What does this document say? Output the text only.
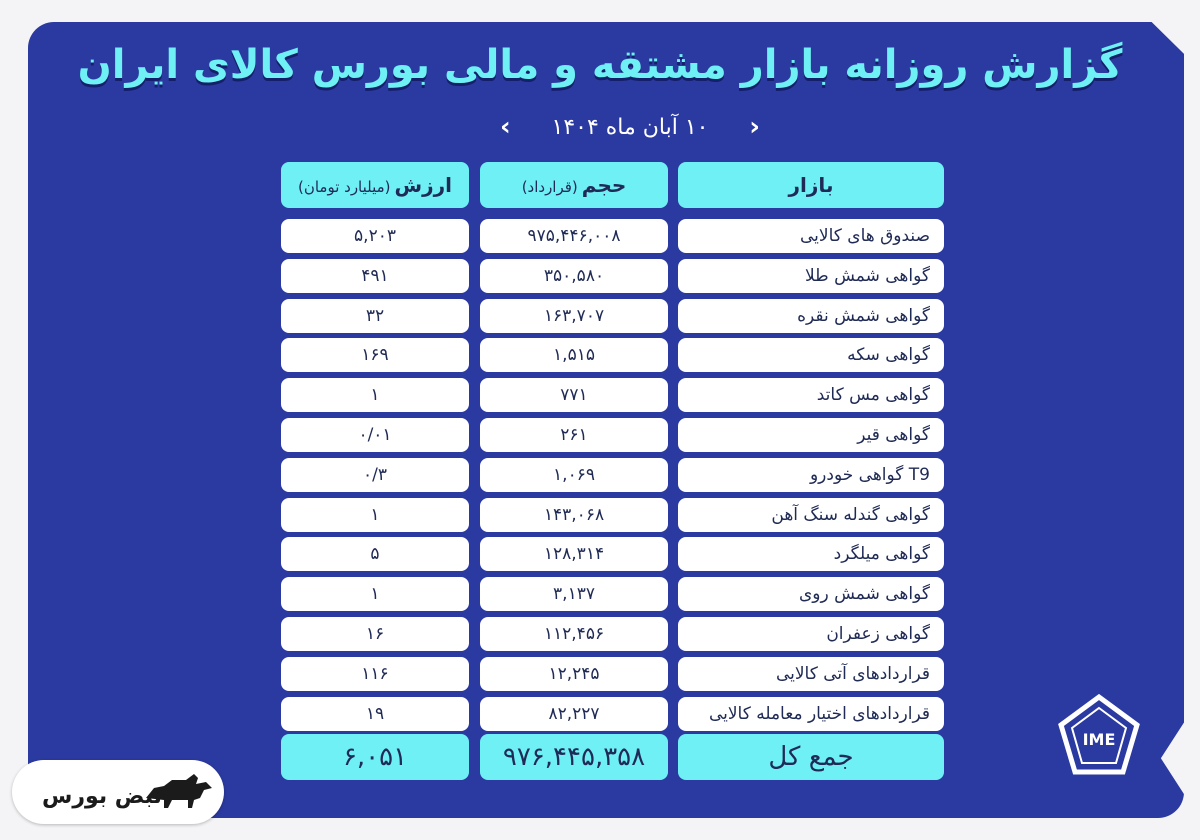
گزارش روزانه بازار مشتقه و مالی بورس کالای ایران
‹ ۱۰ آبان ماه ۱۴۰۴ ›
بازار
حجم(قرارداد)
ارزش(میلیارد تومان)
صندوق های کالایی
۹۷۵,۴۴۶,۰۰۸
۵,۲۰۳
گواهی شمش طلا
۳۵۰,۵۸۰
۴۹۱
گواهی شمش نقره
۱۶۳,۷۰۷
۳۲
گواهی سکه
۱,۵۱۵
۱۶۹
گواهی مس کاتد
۷۷۱
۱
گواهی قیر
۲۶۱
۰/۰۱
T9 گواهی خودرو
۱,۰۶۹
۰/۳
گواهی گندله سنگ آهن
۱۴۳,۰۶۸
۱
گواهی میلگرد
۱۲۸,۳۱۴
۵
گواهی شمش روی
۳,۱۳۷
۱
گواهی زعفران
۱۱۲,۴۵۶
۱۶
قراردادهای آتی کالایی
۱۲,۲۴۵
۱۱۶
قراردادهای اختیار معامله کالایی
۸۲,۲۲۷
۱۹
جمع کل
۹۷۶,۴۴۵,۳۵۸
۶,۰۵۱
IME
نبض بورس
